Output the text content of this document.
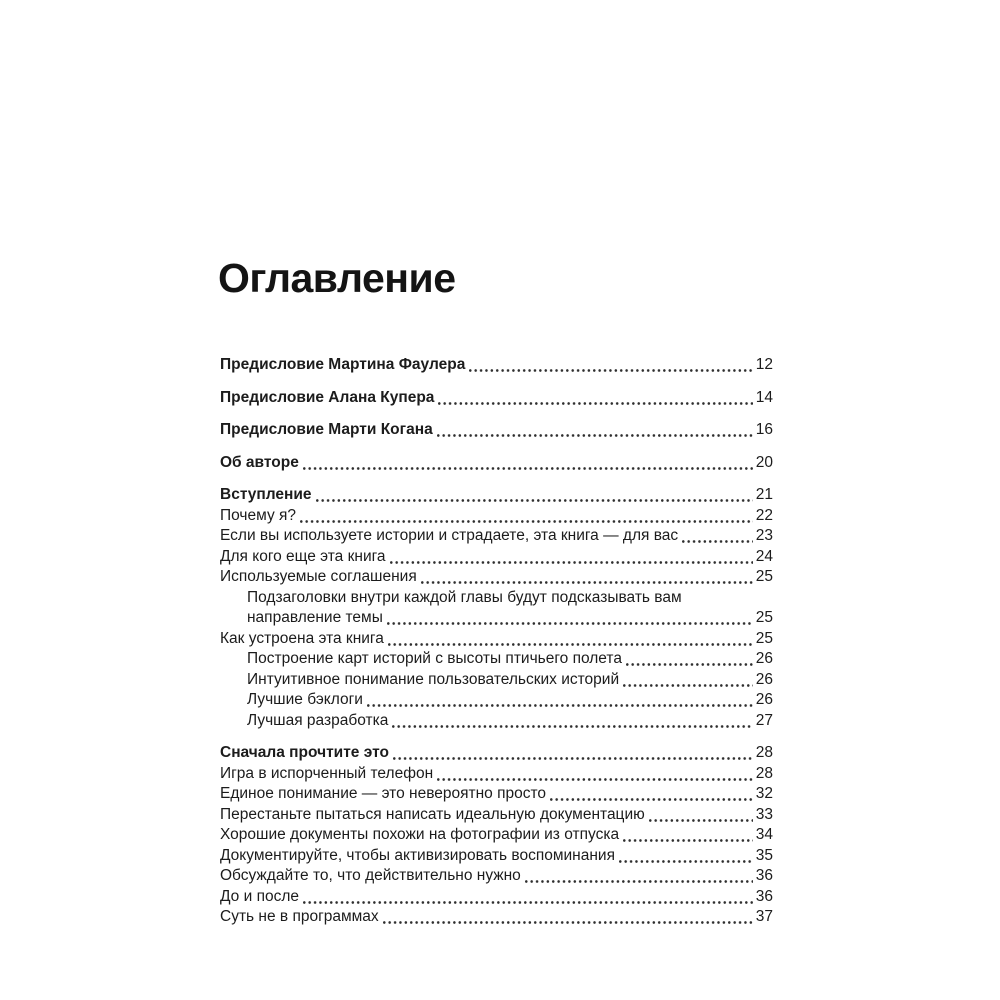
Оглавление
Предисловие Мартина Фаулера	12
Предисловие Алана Купера	14
Предисловие Марти Когана	16
Об авторе	20
Вступление	21
Почему я?	22
Если вы используете истории и страдаете, эта книга — для вас	23
Для кого еще эта книга	24
Используемые соглашения	25
Подзаголовки внутри каждой главы будут подсказывать вам
направление темы	25
Как устроена эта книга	25
Построение карт историй с высоты птичьего полета	26
Интуитивное понимание пользовательских историй	26
Лучшие бэклоги	26
Лучшая разработка	27
Сначала прочтите это	28
Игра в испорченный телефон	28
Единое понимание — это невероятно просто	32
Перестаньте пытаться написать идеальную документацию	33
Хорошие документы похожи на фотографии из отпуска	34
Документируйте, чтобы активизировать воспоминания	35
Обсуждайте то, что действительно нужно	36
До и после	36
Суть не в программах	37
